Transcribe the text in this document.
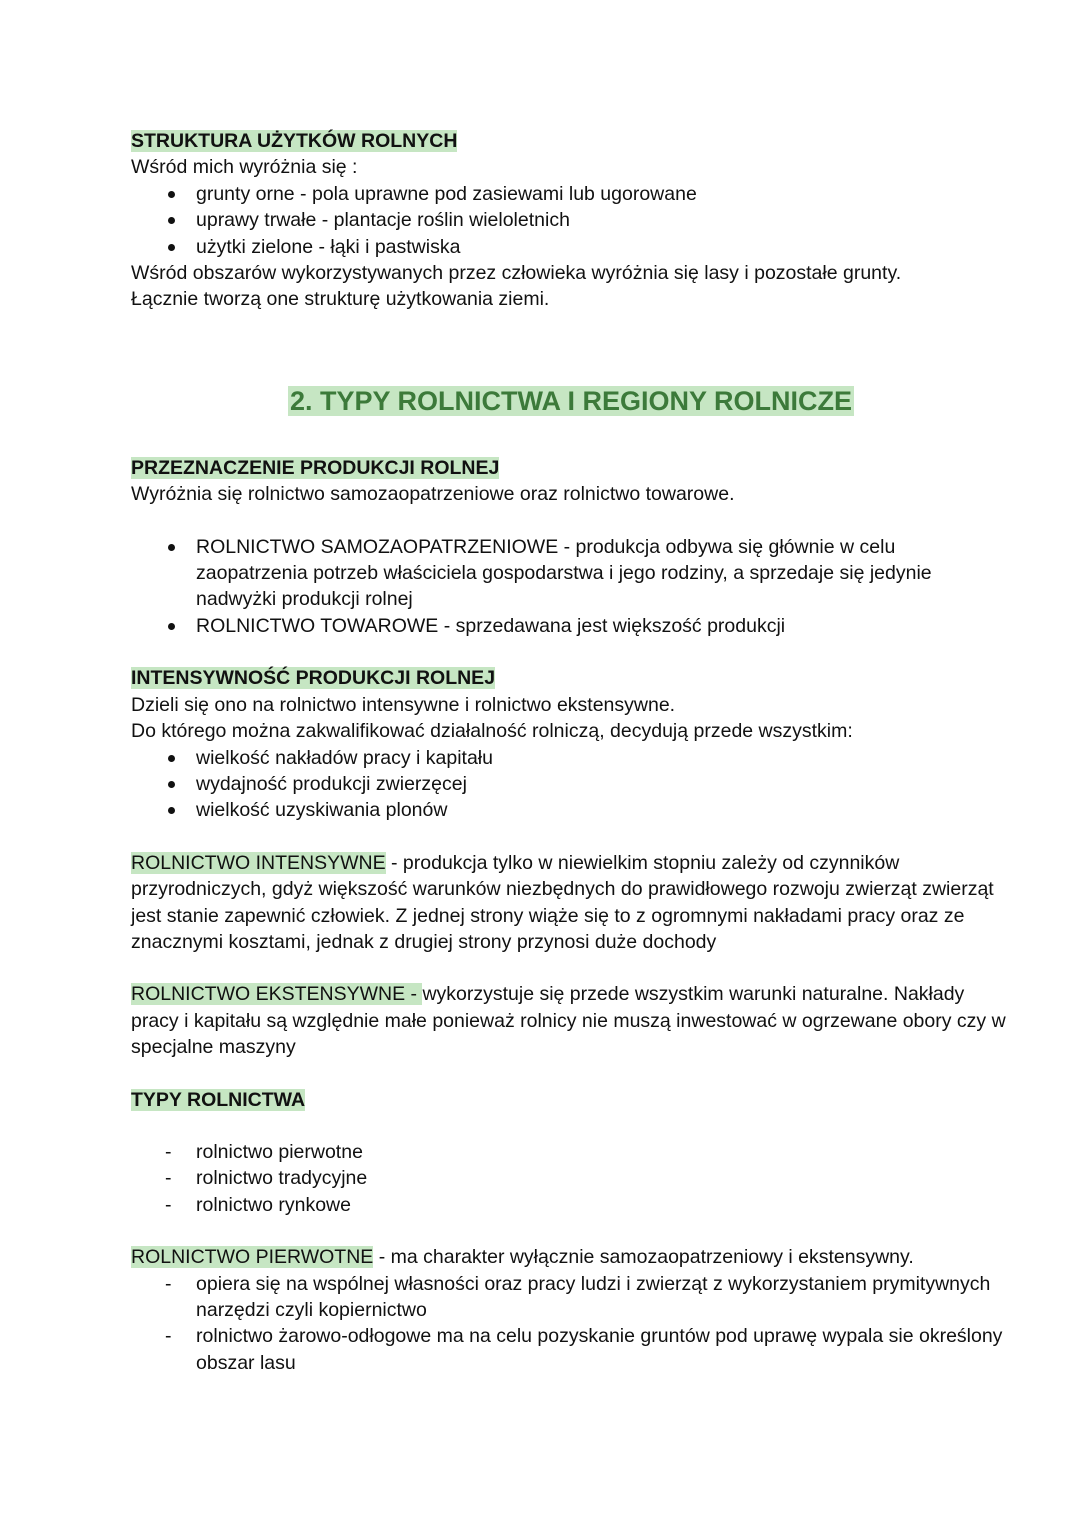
STRUKTURA UŻYTKÓW ROLNYCH

Wśród mich wyróżnia się :

grunty orne - pola uprawne pod zasiewami lub ugorowane
uprawy trwałe - plantacje roślin wieloletnich
użytki zielone - łąki i pastwiska

Wśród obszarów wykorzystywanych przez człowieka wyróżnia się lasy i pozostałe grunty.

Łącznie tworzą one strukturę użytkowania ziemi.

2. TYPY ROLNICTWA I REGIONY ROLNICZE

PRZEZNACZENIE PRODUKCJI ROLNEJ

Wyróżnia się rolnictwo samozaopatrzeniowe oraz rolnictwo towarowe.

ROLNICTWO SAMOZAOPATRZENIOWE - produkcja odbywa się głównie w celu zaopatrzenia potrzeb właściciela gospodarstwa i jego rodziny, a sprzedaje się jedynie nadwyżki produkcji rolnej
ROLNICTWO TOWAROWE - sprzedawana jest większość produkcji

INTENSYWNOŚĆ PRODUKCJI ROLNEJ

Dzieli się ono na rolnictwo intensywne i rolnictwo ekstensywne.

Do którego można zakwalifikować działalność rolniczą, decydują przede wszystkim:

wielkość nakładów pracy i kapitału
wydajność produkcji zwierzęcej
wielkość uzyskiwania plonów

ROLNICTWO INTENSYWNE - produkcja tylko w niewielkim stopniu zależy od czynników przyrodniczych, gdyż większość warunków niezbędnych do prawidłowego rozwoju zwierząt zwierząt jest stanie zapewnić człowiek. Z jednej strony wiąże się to z ogromnymi nakładami pracy oraz ze znacznymi kosztami, jednak z drugiej strony przynosi duże dochody

ROLNICTWO EKSTENSYWNE - wykorzystuje się przede wszystkim warunki naturalne. Nakłady pracy i kapitału są względnie małe ponieważ rolnicy nie muszą inwestować w ogrzewane obory czy w specjalne maszyny

TYPY ROLNICTWA

- rolnictwo pierwotne
- rolnictwo tradycyjne
- rolnictwo rynkowe

ROLNICTWO PIERWOTNE - ma charakter wyłącznie samozaopatrzeniowy i ekstensywny.

- opiera się na wspólnej własności oraz pracy ludzi i zwierząt z wykorzystaniem prymitywnych narzędzi czyli kopiernictwo
- rolnictwo żarowo-odłogowe ma na celu pozyskanie gruntów pod uprawę wypala sie określony obszar lasu
